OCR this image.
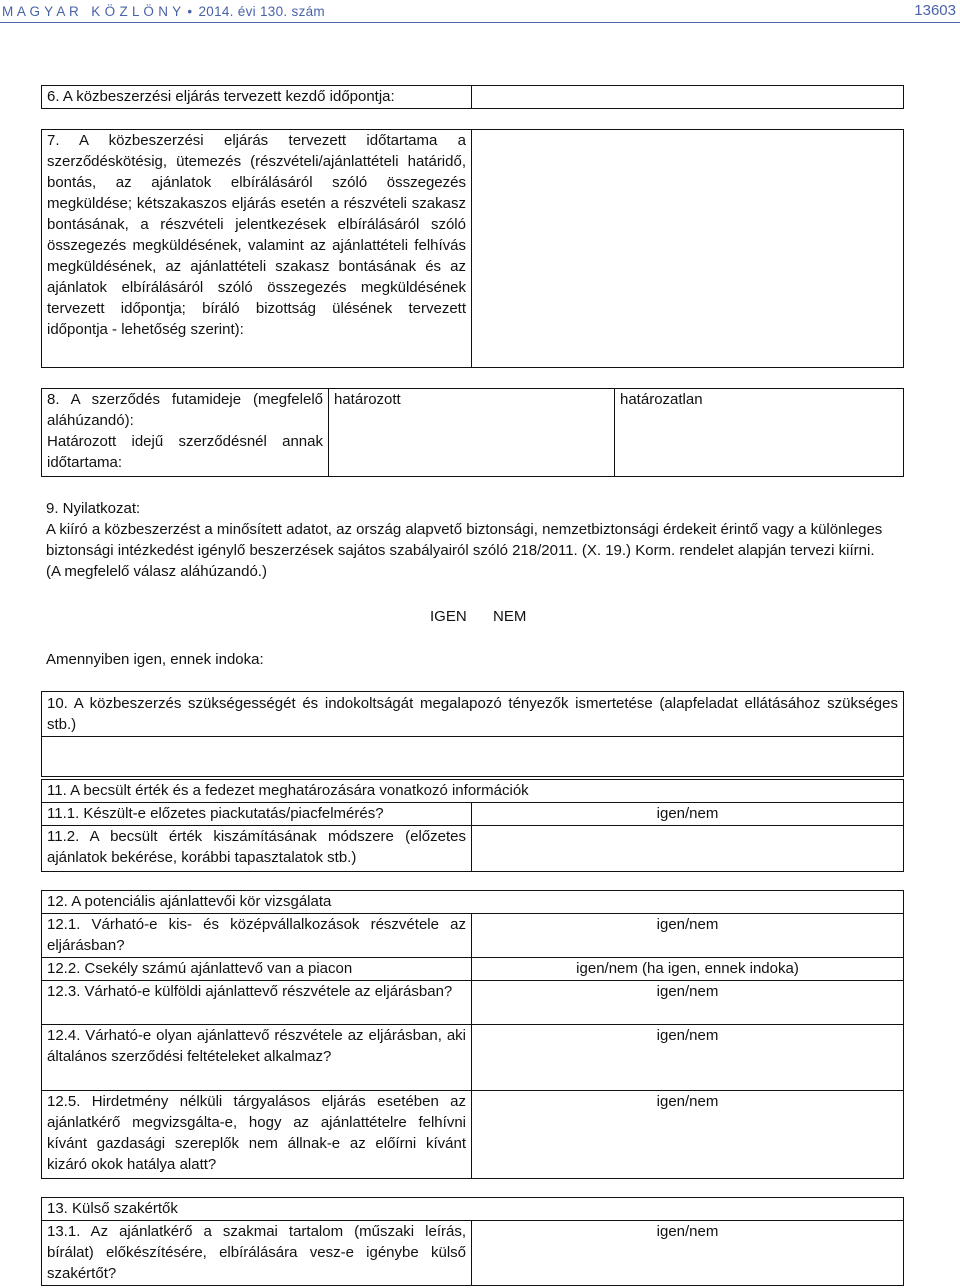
M A G Y A R   K Ö Z L Ö N Y • 2014. évi 130. szám	13603
6. A közbeszerzési eljárás tervezett kezdő időpontja:	
7. A közbeszerzési eljárás tervezett időtartama a szerződéskötésig, ütemezés (részvételi/ajánlattételi határidő, bontás, az ajánlatok elbírálásáról szóló összegezés megküldése; kétszakaszos eljárás esetén a részvételi szakasz bontásának, a részvételi jelentkezések elbírálásáról szóló összegezés megküldésének, valamint az ajánlattételi felhívás megküldésének, az ajánlattételi szakasz bontásának és az ajánlatok elbírálásáról szóló összegezés megküldésének tervezett időpontja; bíráló bizottság ülésének tervezett időpontja - lehetőség szerint):	
8. A szerződés futamideje (megfelelő aláhúzandó):
Határozott idejű szerződésnél annak időtartama:
	határozott	határozatlan
9. Nyilatkozat:
A kiíró a közbeszerzést a minősített adatot, az ország alapvető biztonsági, nemzetbiztonsági érdekeit érintő vagy a különleges biztonsági intézkedést igénylő beszerzések sajátos szabályairól szóló 218/2011. (X. 19.) Korm. rendelet alapján tervezi kiírni.
(A megfelelő válasz aláhúzandó.)
IGEN NEM
Amennyiben igen, ennek indoka:
10. A közbeszerzés szükségességét és indokoltságát megalapozó tényezők ismertetése (alapfeladat ellátásához szükséges stb.)

11. A becsült érték és a fedezet meghatározására vonatkozó információk	
11.1. Készült-e előzetes piackutatás/piacfelmérés?	igen/nem
11.2. A becsült érték kiszámításának módszere (előzetes ajánlatok bekérése, korábbi tapasztalatok stb.)	
12. A potenciális ajánlattevői kör vizsgálata	
12.1. Várható-e kis- és középvállalkozások részvétele az eljárásban?	igen/nem
12.2. Csekély számú ajánlattevő van a piacon	igen/nem (ha igen, ennek indoka)
12.3. Várható-e külföldi ajánlattevő részvétele az eljárásban?	igen/nem
12.4. Várható-e olyan ajánlattevő részvétele az eljárásban, aki általános szerződési feltételeket alkalmaz?	igen/nem
12.5. Hirdetmény nélküli tárgyalásos eljárás esetében az ajánlatkérő megvizsgálta-e, hogy az ajánlattételre felhívni kívánt gazdasági szereplők nem állnak-e az előírni kívánt kizáró okok hatálya alatt?	igen/nem
13. Külső szakértők
13.1. Az ajánlatkérő a szakmai tartalom (műszaki leírás, bírálat) előkészítésére, elbírálására vesz-e igénybe külső szakértőt?	igen/nem
